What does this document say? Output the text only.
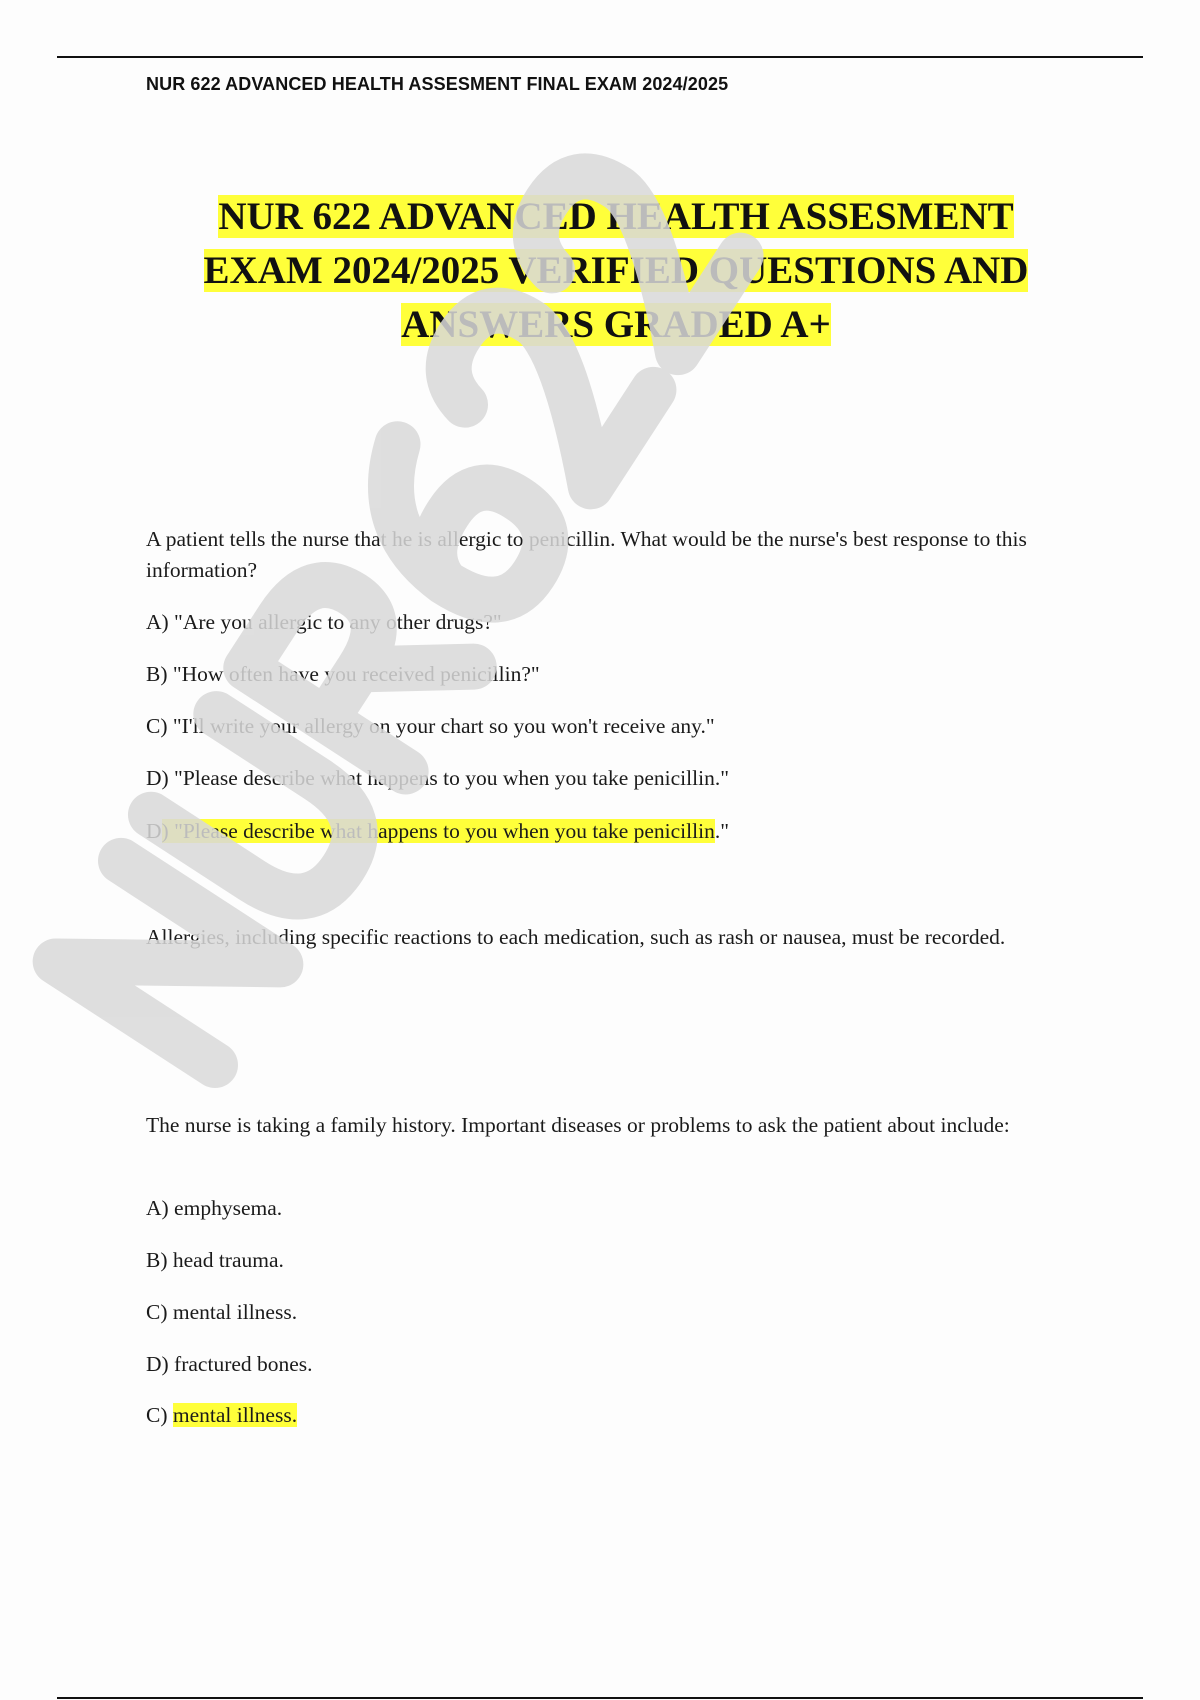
NUR 622 ADVANCED HEALTH ASSESMENT FINAL EXAM 2024/2025
NUR 622 ADVANCED HEALTH ASSESMENT
EXAM 2024/2025 VERIFIED QUESTIONS AND
ANSWERS GRADED A+
A patient tells the nurse that he is allergic to penicillin. What would be the nurse's best response to this information?
A) "Are you allergic to any other drugs?"
B) "How often have you received penicillin?"
C) "I'll write your allergy on your chart so you won't receive any."
D) "Please describe what happens to you when you take penicillin."
D) "Please describe what happens to you when you take penicillin."
Allergies, including specific reactions to each medication, such as rash or nausea, must be recorded.
The nurse is taking a family history. Important diseases or problems to ask the patient about include:
A) emphysema.
B) head trauma.
C) mental illness.
D) fractured bones.
C) mental illness.
